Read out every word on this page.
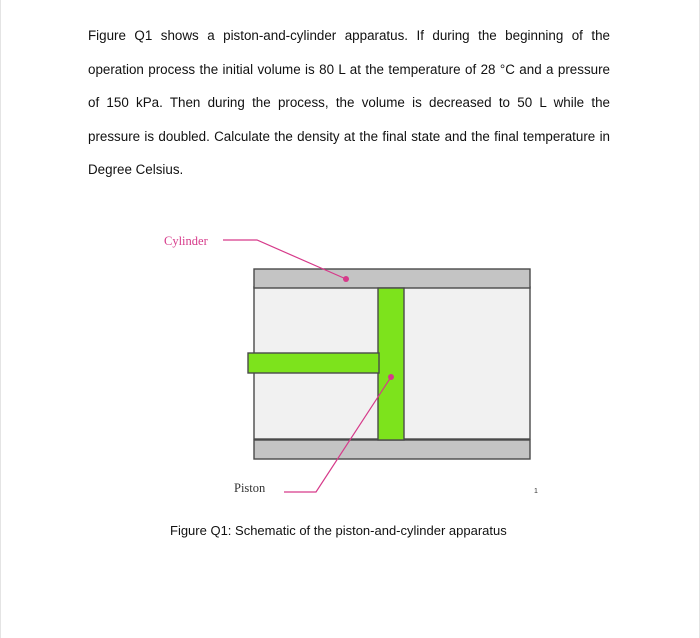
Figure Q1 shows a piston-and-cylinder apparatus. If during the beginning of the operation process the initial volume is 80 L at the temperature of 28 °C and a pressure of 150 kPa. Then during the process, the volume is decreased to 50 L while the pressure is doubled. Calculate the density at the final state and the final temperature in Degree Celsius.

Cylinder
Piston	1

Figure Q1: Schematic of the piston-and-cylinder apparatus
